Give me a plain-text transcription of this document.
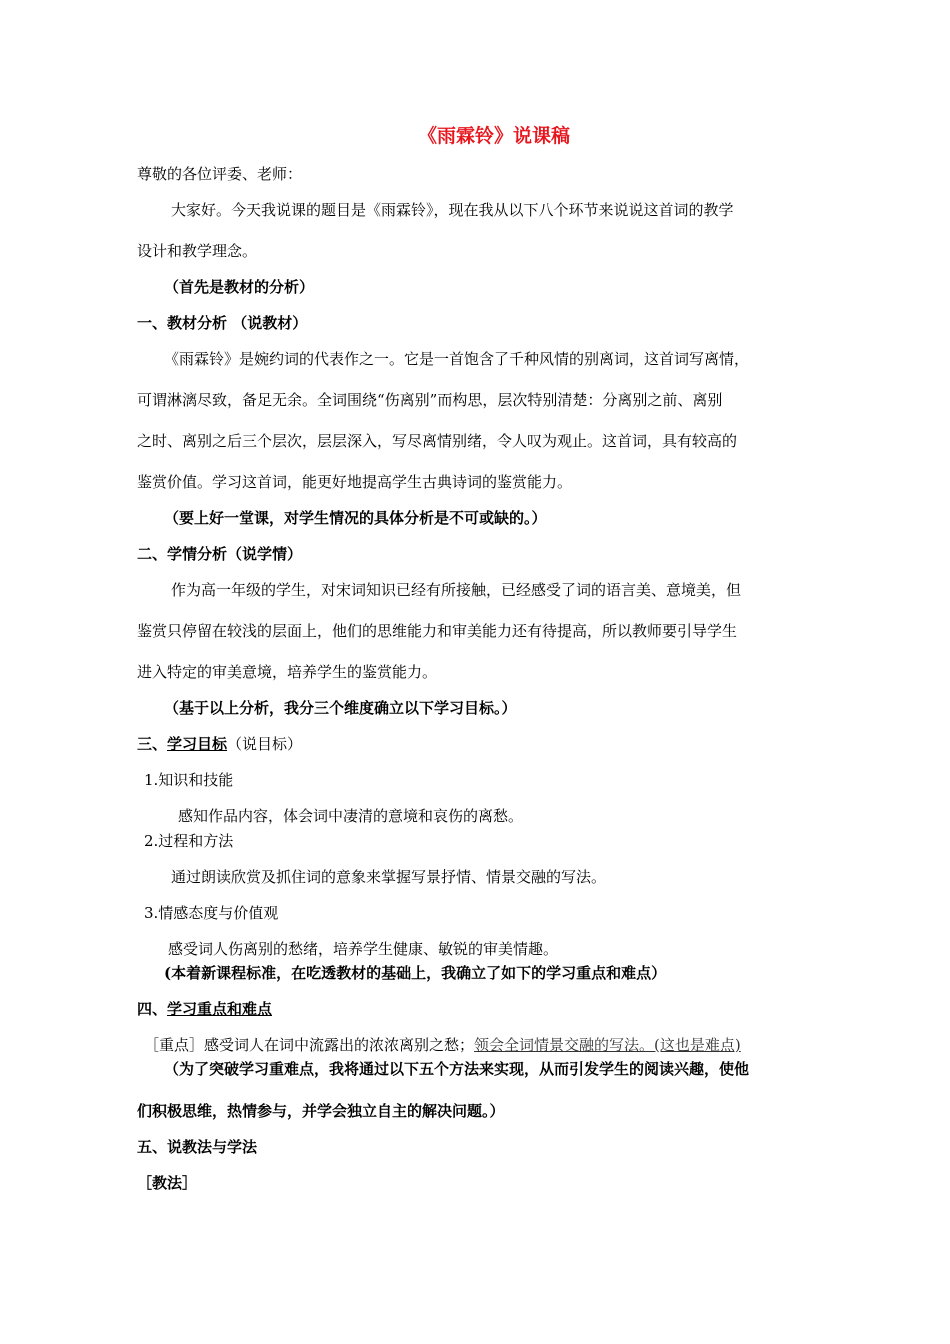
《雨霖铃》说课稿
尊敬的各位评委、老师：
大家好。今天我说课的题目是《雨霖铃》，现在我从以下八个环节来说说这首词的教学
设计和教学理念。
（首先是教材的分析）
一、教材分析 （说教材）
《雨霖铃》是婉约词的代表作之一。它是一首饱含了千种风情的别离词，这首词写离情，
可谓淋漓尽致，备足无余。全词围绕“伤离别”而构思，层次特别清楚：分离别之前、离别
之时、离别之后三个层次，层层深入，写尽离情别绪，令人叹为观止。这首词，具有较高的
鉴赏价值。学习这首词，能更好地提高学生古典诗词的鉴赏能力。
（要上好一堂课，对学生情况的具体分析是不可或缺的。）
二、学情分析（说学情）
作为高一年级的学生，对宋词知识已经有所接触，已经感受了词的语言美、意境美，但
鉴赏只停留在较浅的层面上，他们的思维能力和审美能力还有待提高，所以教师要引导学生
进入特定的审美意境，培养学生的鉴赏能力。
（基于以上分析，我分三个维度确立以下学习目标。）
三、学习目标（说目标）
1.知识和技能
感知作品内容，体会词中凄清的意境和哀伤的离愁。
2.过程和方法
通过朗读欣赏及抓住词的意象来掌握写景抒情、情景交融的写法。
3.情感态度与价值观
感受词人伤离别的愁绪，培养学生健康、敏锐的审美情趣。
(本着新课程标准，在吃透教材的基础上，我确立了如下的学习重点和难点）
四、学习重点和难点
［重点］感受词人在词中流露出的浓浓离别之愁；领会全词情景交融的写法。(这也是难点)
（为了突破学习重难点，我将通过以下五个方法来实现，从而引发学生的阅读兴趣，使他
们积极思维，热情参与，并学会独立自主的解决问题。）
五、说教法与学法
［教法］
